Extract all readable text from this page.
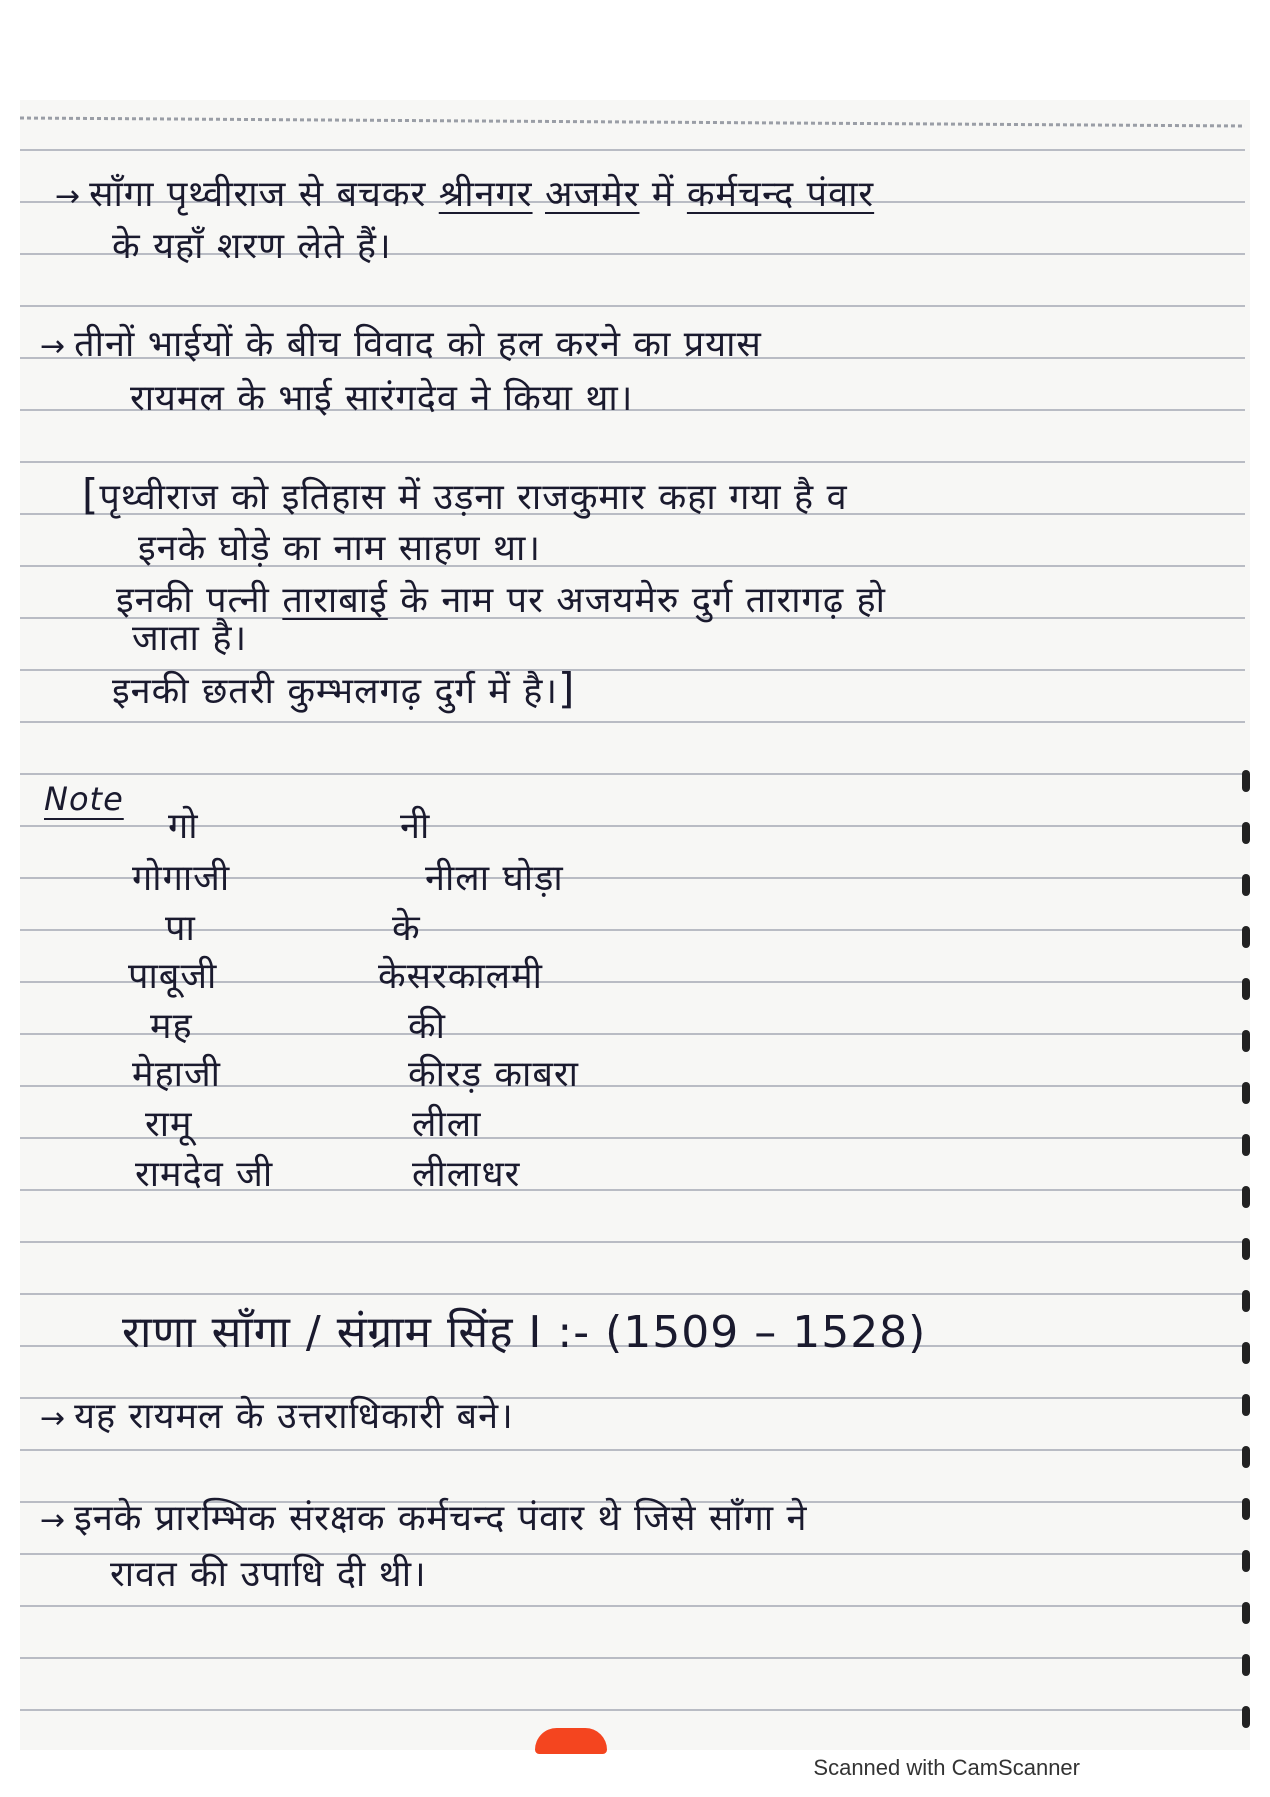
→ साँगा पृथ्वीराज से बचकर श्रीनगर अजमेर में कर्मचन्द पंवार
के यहाँ शरण लेते हैं।
→ तीनों भाईयों के बीच विवाद को हल करने का प्रयास
रायमल के भाई सारंगदेव ने किया था।
[पृथ्वीराज को इतिहास में उड़ना राजकुमार कहा गया है व
इनके घोड़े का नाम साहण था।
इनकी पत्नी ताराबाई के नाम पर अजयमेरु दुर्ग तारागढ़ हो
जाता है।
इनकी छतरी कुम्भलगढ़ दुर्ग में है।]
Note
गो	नी
गोगाजी	नीला घोड़ा
पा	के
पाबूजी	केसरकालमी
मह	की
मेहाजी	कीरड़ काबरा
रामू	लीला
रामदेव जी	लीलाधर
राणा साँगा / संग्राम सिंह I :- (1509 – 1528)
→ यह रायमल के उत्तराधिकारी बने।
→ इनके प्रारम्भिक संरक्षक कर्मचन्द पंवार थे जिसे साँगा ने
रावत की उपाधि दी थी।
Scanned with CamScanner
